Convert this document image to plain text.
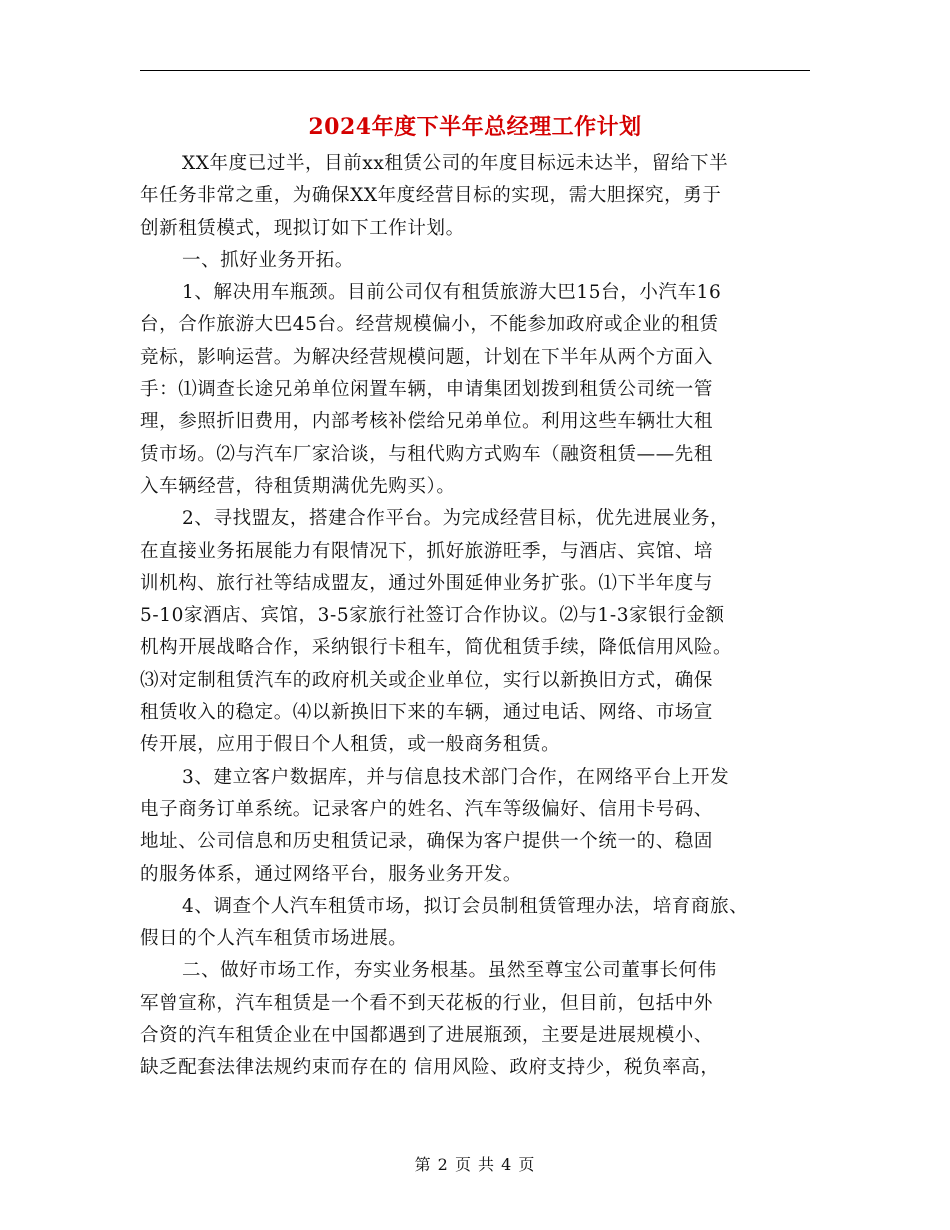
2024年度下半年总经理工作计划
XX年度已过半，目前xx租赁公司的年度目标远未达半，留给下半
年任务非常之重，为确保XX年度经营目标的实现，需大胆探究，勇于
创新租赁模式，现拟订如下工作计划。
一、抓好业务开拓。
1、解决用车瓶颈。目前公司仅有租赁旅游大巴15台，小汽车16
台，合作旅游大巴45台。经营规模偏小，不能参加政府或企业的租赁
竞标，影响运营。为解决经营规模问题，计划在下半年从两个方面入
手：⑴调查长途兄弟单位闲置车辆，申请集团划拨到租赁公司统一管
理，参照折旧费用，内部考核补偿给兄弟单位。利用这些车辆壮大租
赁市场。⑵与汽车厂家洽谈，与租代购方式购车（融资租赁——先租
入车辆经营，待租赁期满优先购买）。
2、寻找盟友，搭建合作平台。为完成经营目标，优先进展业务，
在直接业务拓展能力有限情况下，抓好旅游旺季，与酒店、宾馆、培
训机构、旅行社等结成盟友，通过外围延伸业务扩张。⑴下半年度与
5-10家酒店、宾馆，3-5家旅行社签订合作协议。⑵与1-3家银行金额
机构开展战略合作，采纳银行卡租车，简优租赁手续，降低信用风险。
⑶对定制租赁汽车的政府机关或企业单位，实行以新换旧方式，确保
租赁收入的稳定。⑷以新换旧下来的车辆，通过电话、网络、市场宣
传开展，应用于假日个人租赁，或一般商务租赁。
3、建立客户数据库，并与信息技术部门合作，在网络平台上开发
电子商务订单系统。记录客户的姓名、汽车等级偏好、信用卡号码、
地址、公司信息和历史租赁记录，确保为客户提供一个统一的、稳固
的服务体系，通过网络平台，服务业务开发。
4、调查个人汽车租赁市场，拟订会员制租赁管理办法，培育商旅、
假日的个人汽车租赁市场进展。
二、做好市场工作，夯实业务根基。虽然至尊宝公司董事长何伟
军曾宣称，汽车租赁是一个看不到天花板的行业，但目前，包括中外
合资的汽车租赁企业在中国都遇到了进展瓶颈，主要是进展规模小、
缺乏配套法律法规约束而存在的 信用风险、政府支持少，税负率高，
第 2 页 共 4 页
